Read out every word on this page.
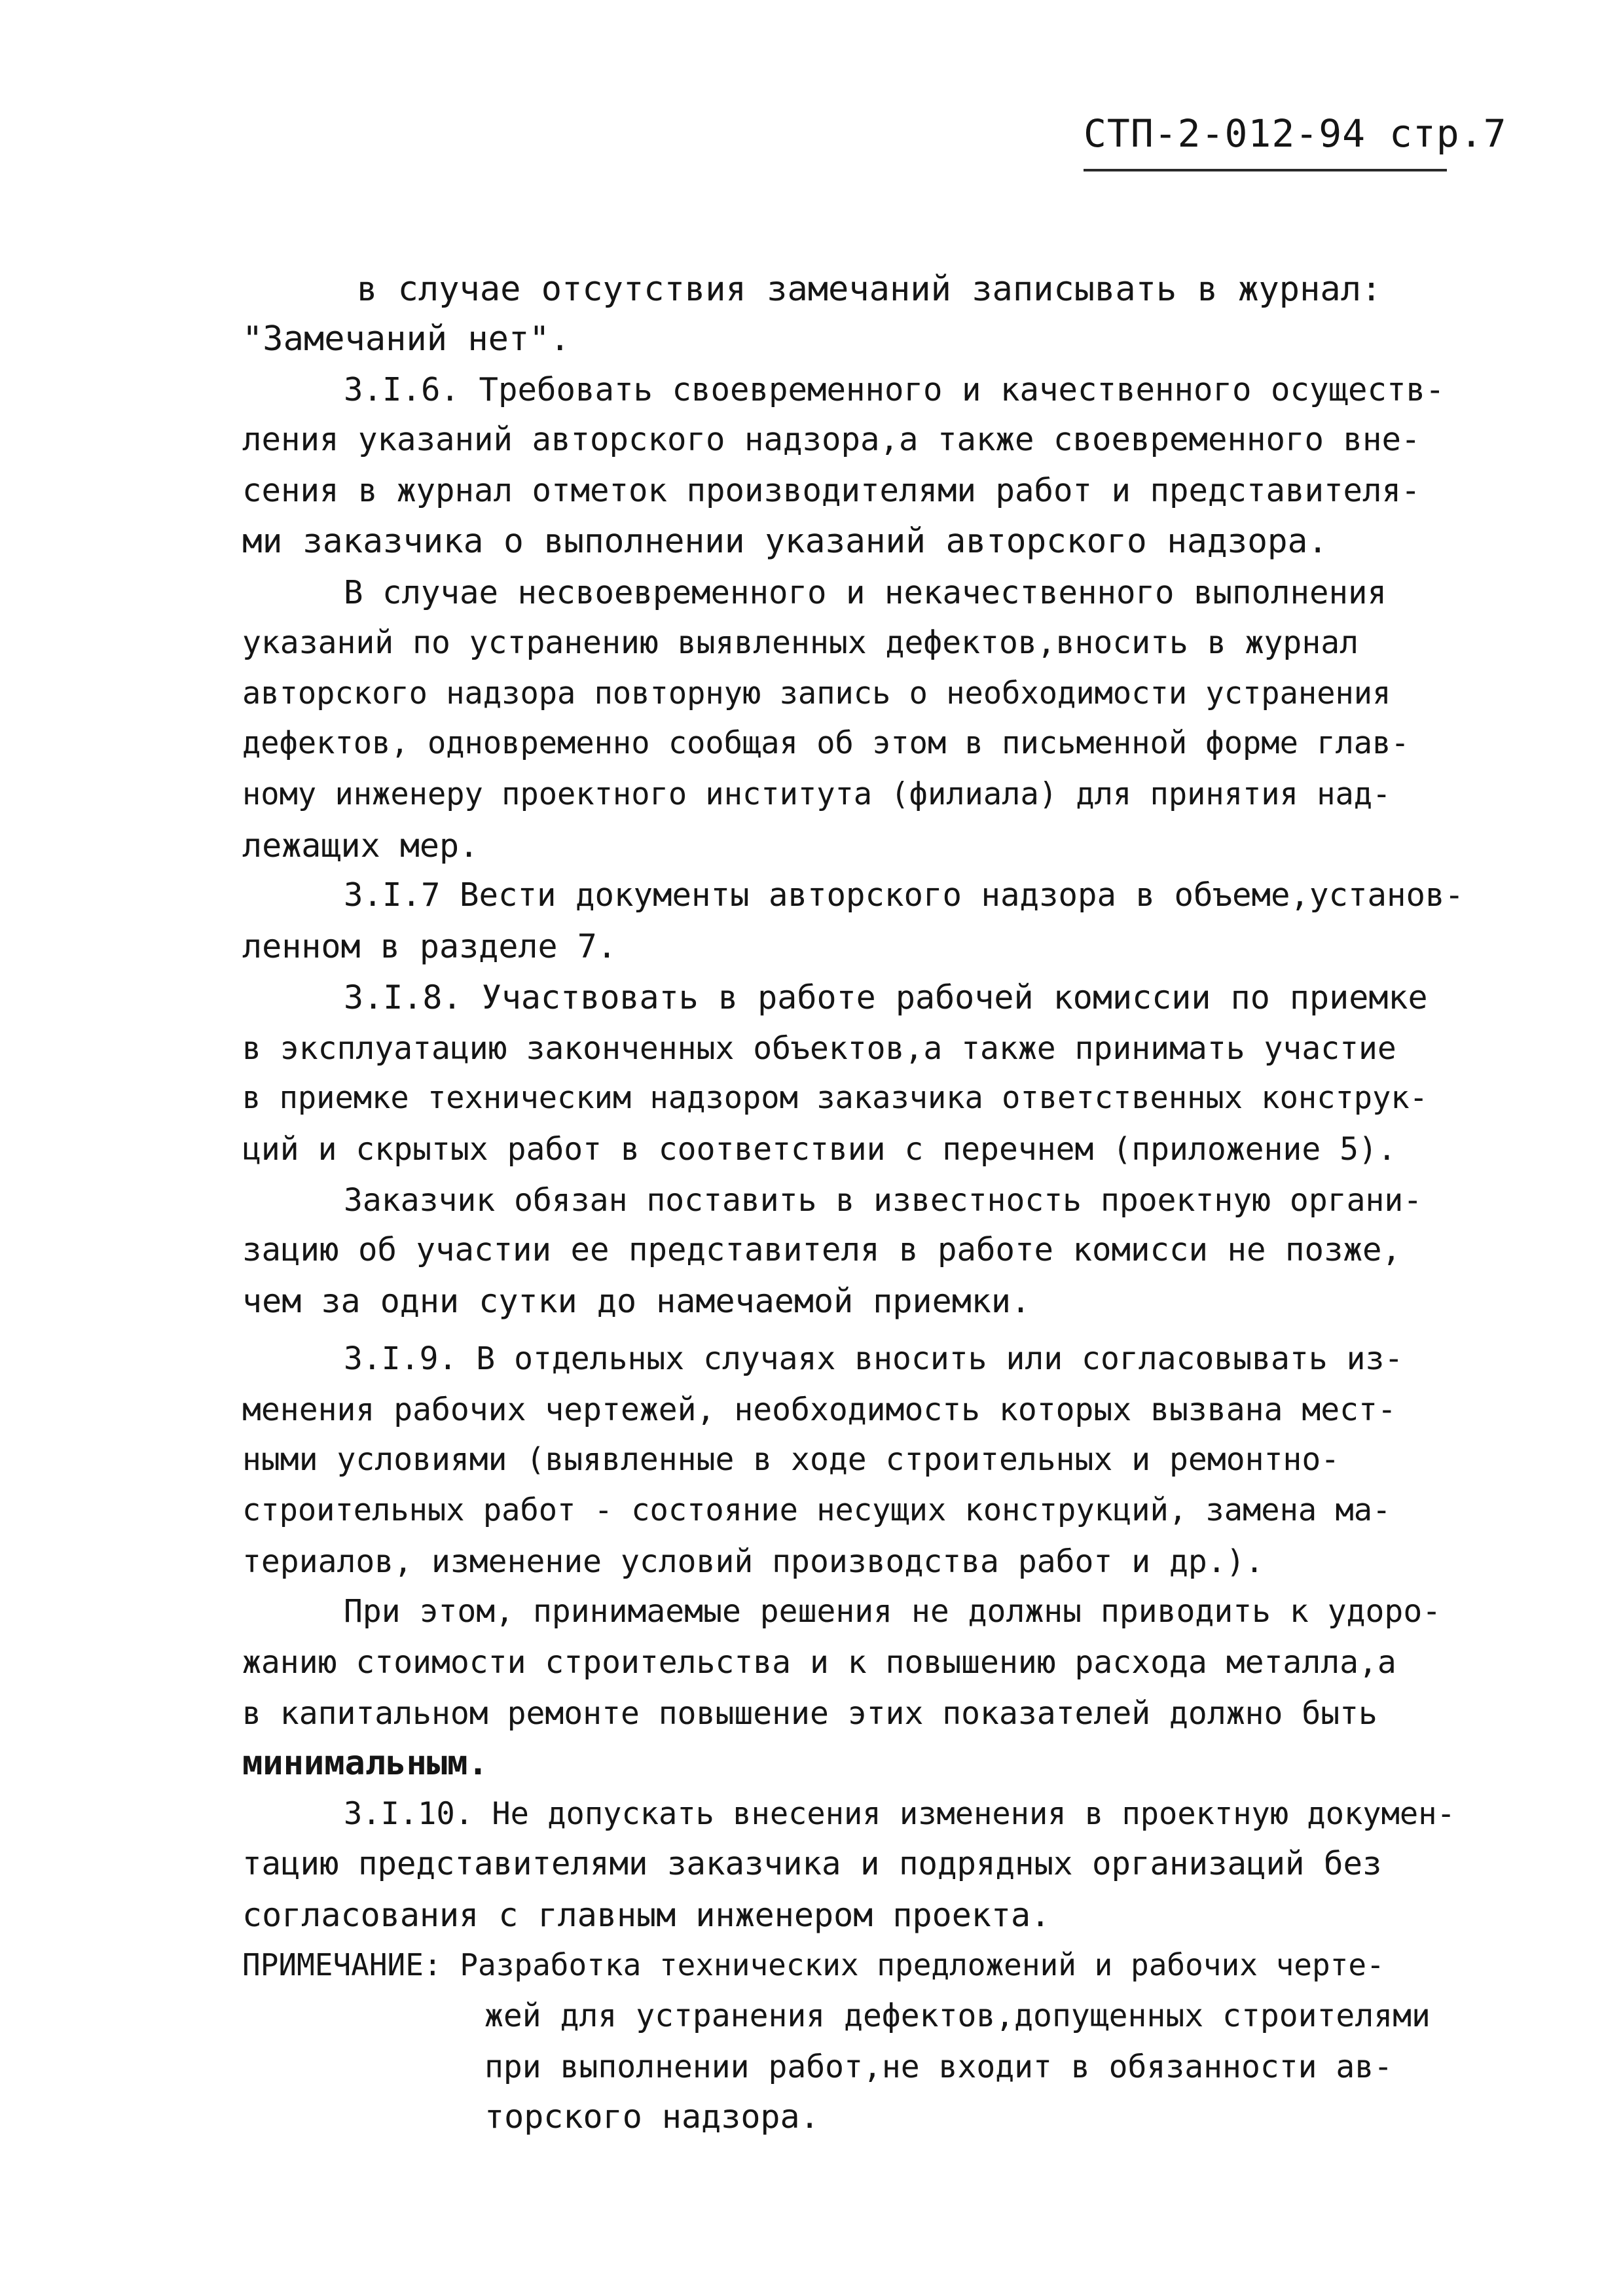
СТП-2-012-94 стр.7
в случае отсутствия замечаний записывать в журнал:
"Замечаний нет".
3.І.6. Требовать своевременного и качественного осуществ-
ления указаний авторского надзора,а также своевременного вне-
сения в журнал отметок производителями работ и представителя-
ми заказчика о выполнении указаний авторского надзора.
В случае несвоевременного и некачественного выполнения
указаний по устранению выявленных дефектов,вносить в журнал
авторского надзора повторную запись о необходимости устранения
дефектов, одновременно сообщая об этом в письменной форме глав-
ному инженеру проектного института (филиала) для принятия над-
лежащих мер.
3.І.7 Вести документы авторского надзора в объеме,установ-
ленном в разделе 7.
3.І.8. Участвовать в работе рабочей комиссии по приемке
в эксплуатацию законченных объектов,а также принимать участие
в приемке техническим надзором заказчика ответственных конструк-
ций и скрытых работ в соответствии с перечнем (приложение 5).
Заказчик обязан поставить в известность проектную органи-
зацию об участии ее представителя в работе комисси не позже,
чем за одни сутки до намечаемой приемки.
3.І.9. В отдельных случаях вносить или согласовывать из-
менения рабочих чертежей, необходимость которых вызвана мест-
ными условиями (выявленные в ходе строительных и ремонтно-
строительных работ - состояние несущих конструкций, замена ма-
териалов, изменение условий производства работ и др.).
При этом, принимаемые решения не должны приводить к удоро-
жанию стоимости строительства и к повышению расхода металла,а
в капитальном ремонте повышение этих показателей должно быть
минимальным.
3.І.10. Не допускать внесения изменения в проектную докумен-
тацию представителями заказчика и подрядных организаций без
согласования с главным инженером проекта.
ПРИМЕЧАНИЕ: Разработка технических предложений и рабочих черте-
жей для устранения дефектов,допущенных строителями
при выполнении работ,не входит в обязанности ав-
торского надзора.
